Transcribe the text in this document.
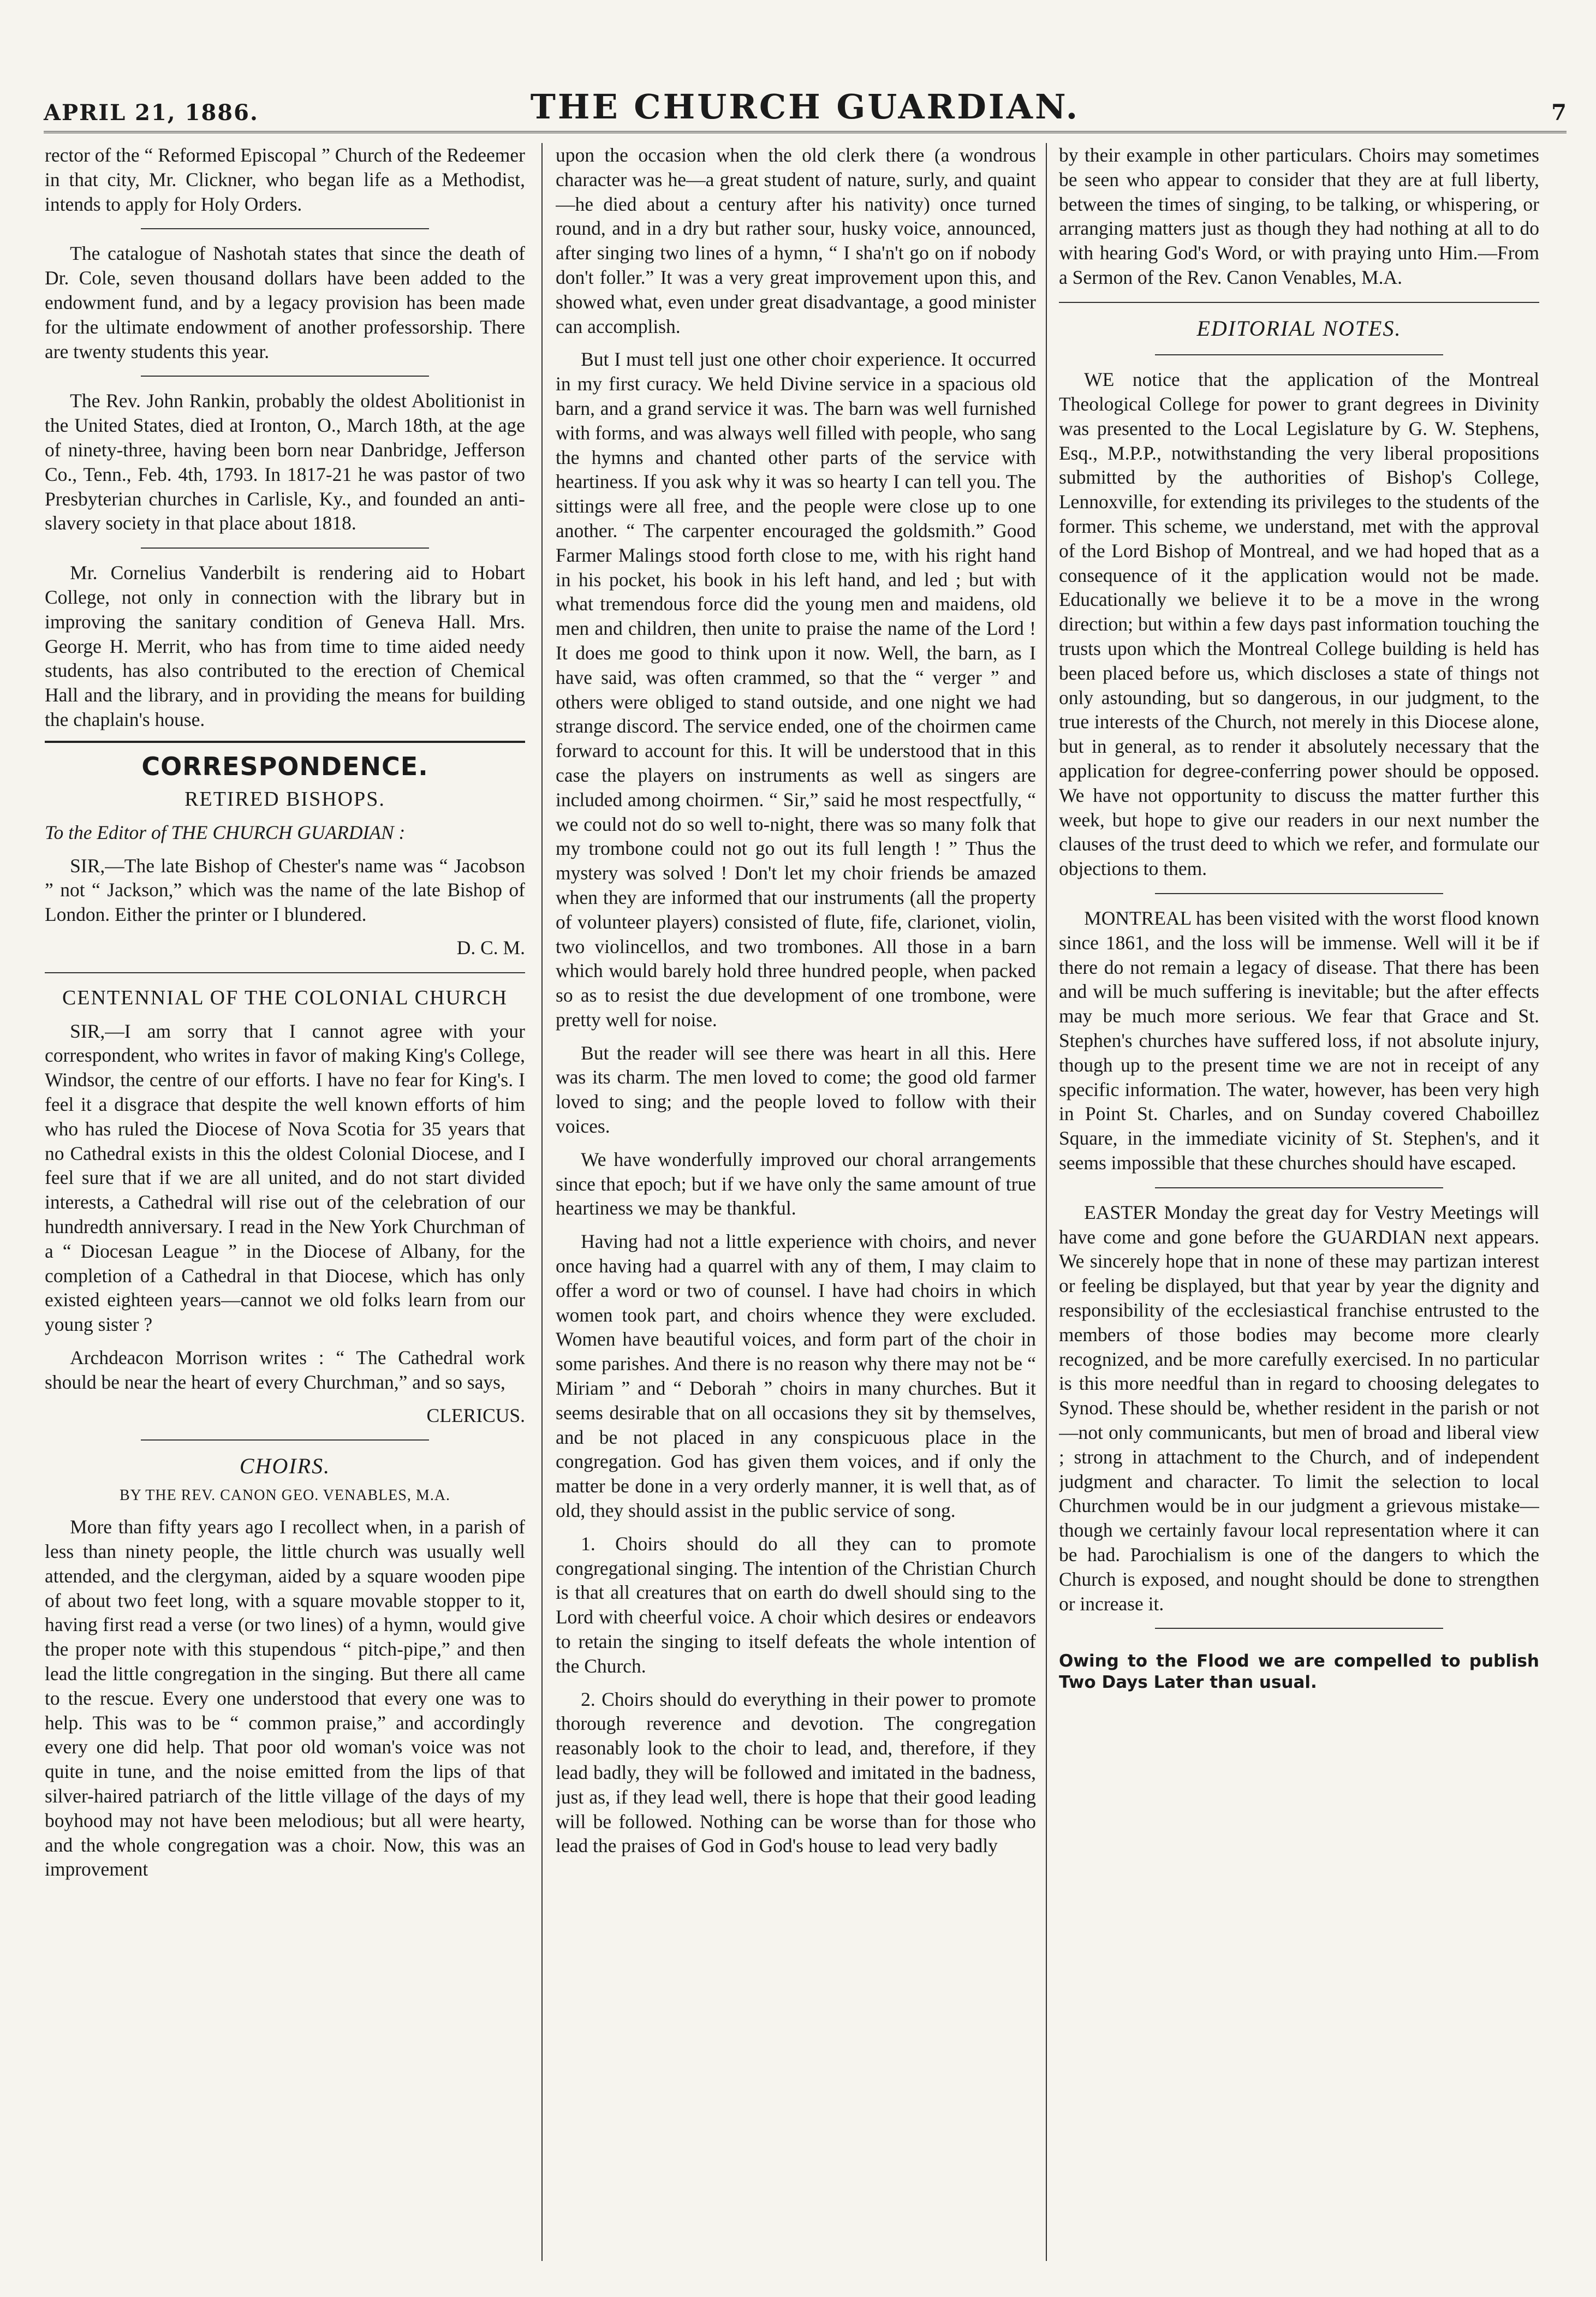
APRIL 21, 1886.	THE CHURCH GUARDIAN.	7

rector of the “ Reformed Episcopal ” Church of the Redeemer in that city, Mr. Clickner, who began life as a Methodist, intends to apply for Holy Orders.

The catalogue of Nashotah states that since the death of Dr. Cole, seven thousand dollars have been added to the endowment fund, and by a legacy provision has been made for the ultimate endowment of another professorship. There are twenty students this year.

The Rev. John Rankin, probably the oldest Abolitionist in the United States, died at Ironton, O., March 18th, at the age of ninety-three, having been born near Danbridge, Jefferson Co., Tenn., Feb. 4th, 1793. In 1817-21 he was pastor of two Presbyterian churches in Carlisle, Ky., and founded an anti-slavery society in that place about 1818.

Mr. Cornelius Vanderbilt is rendering aid to Hobart College, not only in connection with the library but in improving the sanitary condition of Geneva Hall. Mrs. George H. Merrit, who has from time to time aided needy students, has also contributed to the erection of Chemical Hall and the library, and in providing the means for building the chaplain's house.

CORRESPONDENCE.
RETIRED BISHOPS.

To the Editor of THE CHURCH GUARDIAN :

SIR,—The late Bishop of Chester's name was “ Jacobson ” not “ Jackson,” which was the name of the late Bishop of London. Either the printer or I blundered.

D. C. M.
CENTENNIAL OF THE COLONIAL CHURCH

SIR,—I am sorry that I cannot agree with your correspondent, who writes in favor of making King's College, Windsor, the centre of our efforts. I have no fear for King's. I feel it a disgrace that despite the well known efforts of him who has ruled the Diocese of Nova Scotia for 35 years that no Cathedral exists in this the oldest Colonial Diocese, and I feel sure that if we are all united, and do not start divided interests, a Cathedral will rise out of the celebration of our hundredth anniversary. I read in the New York Churchman of a “ Diocesan League ” in the Diocese of Albany, for the completion of a Cathedral in that Diocese, which has only existed eighteen years—cannot we old folks learn from our young sister ?

Archdeacon Morrison writes : “ The Cathedral work should be near the heart of every Churchman,” and so says,

CLERICUS.
CHOIRS.
BY THE REV. CANON GEO. VENABLES, M.A.

More than fifty years ago I recollect when, in a parish of less than ninety people, the little church was usually well attended, and the clergyman, aided by a square wooden pipe of about two feet long, with a square movable stopper to it, having first read a verse (or two lines) of a hymn, would give the proper note with this stupendous “ pitch-pipe,” and then lead the little congregation in the singing. But there all came to the rescue. Every one understood that every one was to help. This was to be “ common praise,” and accordingly every one did help. That poor old woman's voice was not quite in tune, and the noise emitted from the lips of that silver-haired patriarch of the little village of the days of my boyhood may not have been melodious; but all were hearty, and the whole congregation was a choir. Now, this was an improvement

upon the occasion when the old clerk there (a wondrous character was he—a great student of nature, surly, and quaint—he died about a century after his nativity) once turned round, and in a dry but rather sour, husky voice, announced, after singing two lines of a hymn, “ I sha'n't go on if nobody don't foller.” It was a very great improvement upon this, and showed what, even under great disadvantage, a good minister can accomplish.

But I must tell just one other choir experience. It occurred in my first curacy. We held Divine service in a spacious old barn, and a grand service it was. The barn was well furnished with forms, and was always well filled with people, who sang the hymns and chanted other parts of the service with heartiness. If you ask why it was so hearty I can tell you. The sittings were all free, and the people were close up to one another. “ The carpenter encouraged the goldsmith.” Good Farmer Malings stood forth close to me, with his right hand in his pocket, his book in his left hand, and led ; but with what tremendous force did the young men and maidens, old men and children, then unite to praise the name of the Lord ! It does me good to think upon it now. Well, the barn, as I have said, was often crammed, so that the “ verger ” and others were obliged to stand outside, and one night we had strange discord. The service ended, one of the choirmen came forward to account for this. It will be understood that in this case the players on instruments as well as singers are included among choirmen. “ Sir,” said he most respectfully, “ we could not do so well to-night, there was so many folk that my trombone could not go out its full length ! ” Thus the mystery was solved ! Don't let my choir friends be amazed when they are informed that our instruments (all the property of volunteer players) consisted of flute, fife, clarionet, violin, two violincellos, and two trombones. All those in a barn which would barely hold three hundred people, when packed so as to resist the due development of one trombone, were pretty well for noise.

But the reader will see there was heart in all this. Here was its charm. The men loved to come; the good old farmer loved to sing; and the people loved to follow with their voices.

We have wonderfully improved our choral arrangements since that epoch; but if we have only the same amount of true heartiness we may be thankful.

Having had not a little experience with choirs, and never once having had a quarrel with any of them, I may claim to offer a word or two of counsel. I have had choirs in which women took part, and choirs whence they were excluded. Women have beautiful voices, and form part of the choir in some parishes. And there is no reason why there may not be “ Miriam ” and “ Deborah ” choirs in many churches. But it seems desirable that on all occasions they sit by themselves, and be not placed in any conspicuous place in the congregation. God has given them voices, and if only the matter be done in a very orderly manner, it is well that, as of old, they should assist in the public service of song.

1. Choirs should do all they can to promote congregational singing. The intention of the Christian Church is that all creatures that on earth do dwell should sing to the Lord with cheerful voice. A choir which desires or endeavors to retain the singing to itself defeats the whole intention of the Church.

2. Choirs should do everything in their power to promote thorough reverence and devotion. The congregation reasonably look to the choir to lead, and, therefore, if they lead badly, they will be followed and imitated in the badness, just as, if they lead well, there is hope that their good leading will be followed. Nothing can be worse than for those who lead the praises of God in God's house to lead very badly

by their example in other particulars. Choirs may sometimes be seen who appear to consider that they are at full liberty, between the times of singing, to be talking, or whispering, or arranging matters just as though they had nothing at all to do with hearing God's Word, or with praying unto Him.—From a Sermon of the Rev. Canon Venables, M.A.

EDITORIAL NOTES.

WE notice that the application of the Montreal Theological College for power to grant degrees in Divinity was presented to the Local Legislature by G. W. Stephens, Esq., M.P.P., notwithstanding the very liberal propositions submitted by the authorities of Bishop's College, Lennoxville, for extending its privileges to the students of the former. This scheme, we understand, met with the approval of the Lord Bishop of Montreal, and we had hoped that as a consequence of it the application would not be made. Educationally we believe it to be a move in the wrong direction; but within a few days past information touching the trusts upon which the Montreal College building is held has been placed before us, which discloses a state of things not only astounding, but so dangerous, in our judgment, to the true interests of the Church, not merely in this Diocese alone, but in general, as to render it absolutely necessary that the application for degree-conferring power should be opposed. We have not opportunity to discuss the matter further this week, but hope to give our readers in our next number the clauses of the trust deed to which we refer, and formulate our objections to them.

MONTREAL has been visited with the worst flood known since 1861, and the loss will be immense. Well will it be if there do not remain a legacy of disease. That there has been and will be much suffering is inevitable; but the after effects may be much more serious. We fear that Grace and St. Stephen's churches have suffered loss, if not absolute injury, though up to the present time we are not in receipt of any specific information. The water, however, has been very high in Point St. Charles, and on Sunday covered Chaboillez Square, in the immediate vicinity of St. Stephen's, and it seems impossible that these churches should have escaped.

EASTER Monday the great day for Vestry Meetings will have come and gone before the GUARDIAN next appears. We sincerely hope that in none of these may partizan interest or feeling be displayed, but that year by year the dignity and responsibility of the ecclesiastical franchise entrusted to the members of those bodies may become more clearly recognized, and be more carefully exercised. In no particular is this more needful than in regard to choosing delegates to Synod. These should be, whether resident in the parish or not—not only communicants, but men of broad and liberal view ; strong in attachment to the Church, and of independent judgment and character. To limit the selection to local Churchmen would be in our judgment a grievous mistake—though we certainly favour local representation where it can be had. Parochialism is one of the dangers to which the Church is exposed, and nought should be done to strengthen or increase it.

Owing to the Flood we are compelled to publish Two Days Later than usual.
